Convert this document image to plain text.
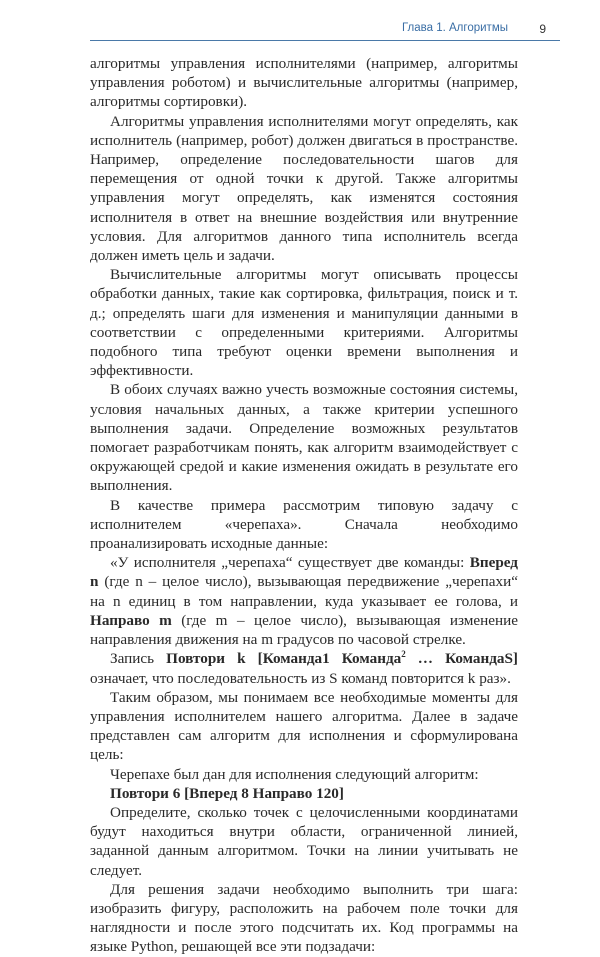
Глава 1. Алгоритмы	9

алгоритмы управления исполнителями (например, алгоритмы управления роботом) и вычислительные алгоритмы (например, алгоритмы сортировки).

Алгоритмы управления исполнителями могут определять, как исполнитель (например, робот) должен двигаться в пространстве. Например, определение последовательности шагов для перемещения от одной точки к другой. Также алгоритмы управления могут определять, как изменятся состояния исполнителя в ответ на внешние воздействия или внутренние условия. Для алгоритмов данного типа исполнитель всегда должен иметь цель и задачи.

Вычислительные алгоритмы могут описывать процессы обработки данных, такие как сортировка, фильтрация, поиск и т. д.; определять шаги для изменения и манипуляции данными в соответствии с определенными критериями. Алгоритмы подобного типа требуют оценки времени выполнения и эффективности.

В обоих случаях важно учесть возможные состояния системы, условия начальных данных, а также критерии успешного выполнения задачи. Определение возможных результатов помогает разработчикам понять, как алгоритм взаимодействует с окружающей средой и какие изменения ожидать в результате его выполнения.

В качестве примера рассмотрим типовую задачу с исполнителем «черепаха». Сначала необходимо проанализировать исходные данные:

«У исполнителя „черепаха“ существует две команды: Вперед n (где n – целое число), вызывающая передвижение „черепахи“ на n единиц в том направлении, куда указывает ее голова, и Направо m (где m – целое число), вызывающая изменение направления движения на m градусов по часовой стрелке.

Запись Повтори k [Команда1 Команда$^2$ … КомандаS] означает, что последовательность из S команд повторится k раз».

Таким образом, мы понимаем все необходимые моменты для управления исполнителем нашего алгоритма. Далее в задаче представлен сам алгоритм для исполнения и сформулирована цель:

Черепахе был дан для исполнения следующий алгоритм:

Повтори 6 [Вперед 8 Направо 120]

Определите, сколько точек с целочисленными координатами будут находиться внутри области, ограниченной линией, заданной данным алгоритмом. Точки на линии учитывать не следует.

Для решения задачи необходимо выполнить три шага: изобразить фигуру, расположить на рабочем поле точки для наглядности и после этого подсчитать их. Код программы на языке Python, решающей все эти подзадачи:
